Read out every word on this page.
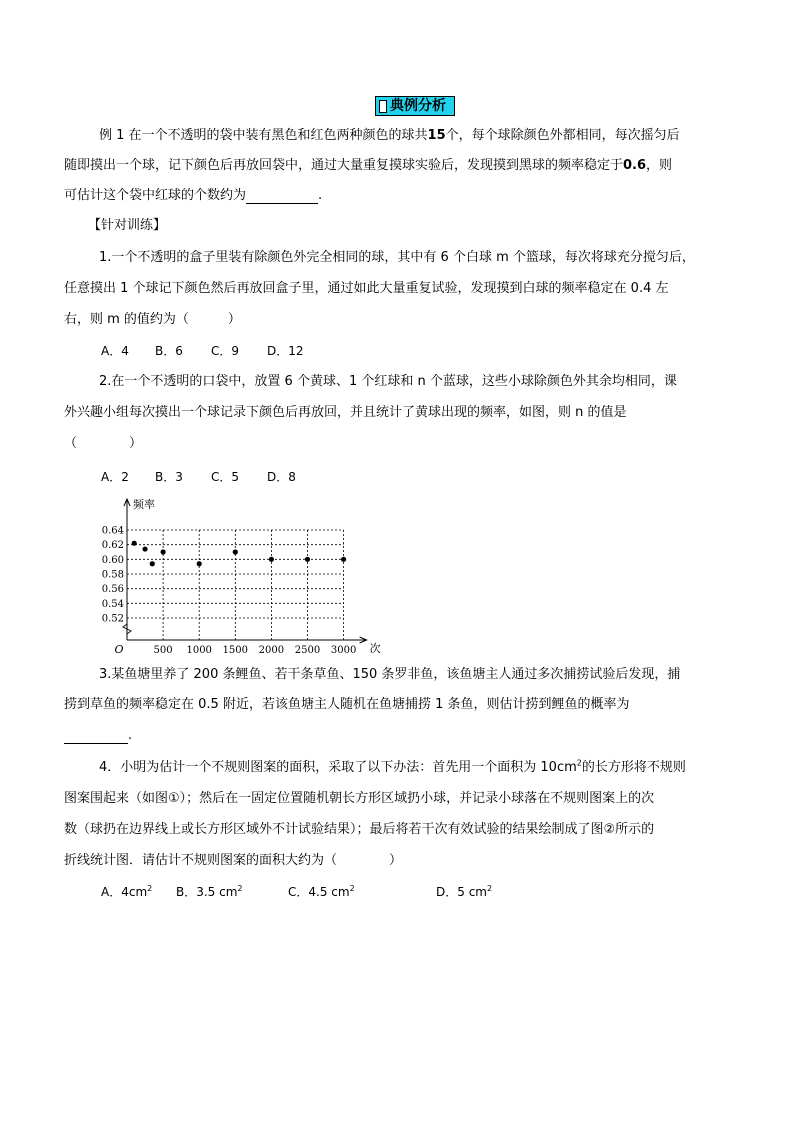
典例分析
例 1 在一个不透明的袋中装有黑色和红色两种颜色的球共15个，每个球除颜色外都相同，每次摇匀后
随即摸出一个球，记下颜色后再放回袋中，通过大量重复摸球实验后，发现摸到黑球的频率稳定于0.6，则
可估计这个袋中红球的个数约为	.
【针对训练】
1.一个不透明的盒子里装有除颜色外完全相同的球，其中有 6 个白球 m 个篮球，每次将球充分搅匀后，
任意摸出 1 个球记下颜色然后再放回盒子里，通过如此大量重复试验，发现摸到白球的频率稳定在 0.4 左
右，则 m 的值约为（　　　）
A．4 B．6 C．9 D．12
2.在一个不透明的口袋中，放置 6 个黄球、1 个红球和 n 个蓝球，这些小球除颜色外其余均相同，课
外兴趣小组每次摸出一个球记录下颜色后再放回，并且统计了黄球出现的频率，如图，则 n 的值是
（　　　　）
A．2 B．3 C．5 D．8
0.52
0.54
0.56
0.58
0.60
0.62
0.64
500 1000 1500 2000 2500 3000
O
频率
次
3.某鱼塘里养了 200 条鲤鱼、若干条草鱼、150 条罗非鱼，该鱼塘主人通过多次捕捞试验后发现，捕
捞到草鱼的频率稳定在 0.5 附近，若该鱼塘主人随机在鱼塘捕捞 1 条鱼，则估计捞到鲤鱼的概率为
.
4．小明为估计一个不规则图案的面积，采取了以下办法：首先用一个面积为 $10cm^2$的长方形将不规则
图案围起来（如图①）；然后在一固定位置随机朝长方形区域扔小球，并记录小球落在不规则图案上的次
数（球扔在边界线上或长方形区域外不计试验结果）；最后将若干次有效试验的结果绘制成了图②所示的
折线统计图．请估计不规则图案的面积大约为（　　　　）
A．$4cm^2$ B．3.5 $cm^2$	C．4.5 $cm^2$	D．5 $cm^2$
